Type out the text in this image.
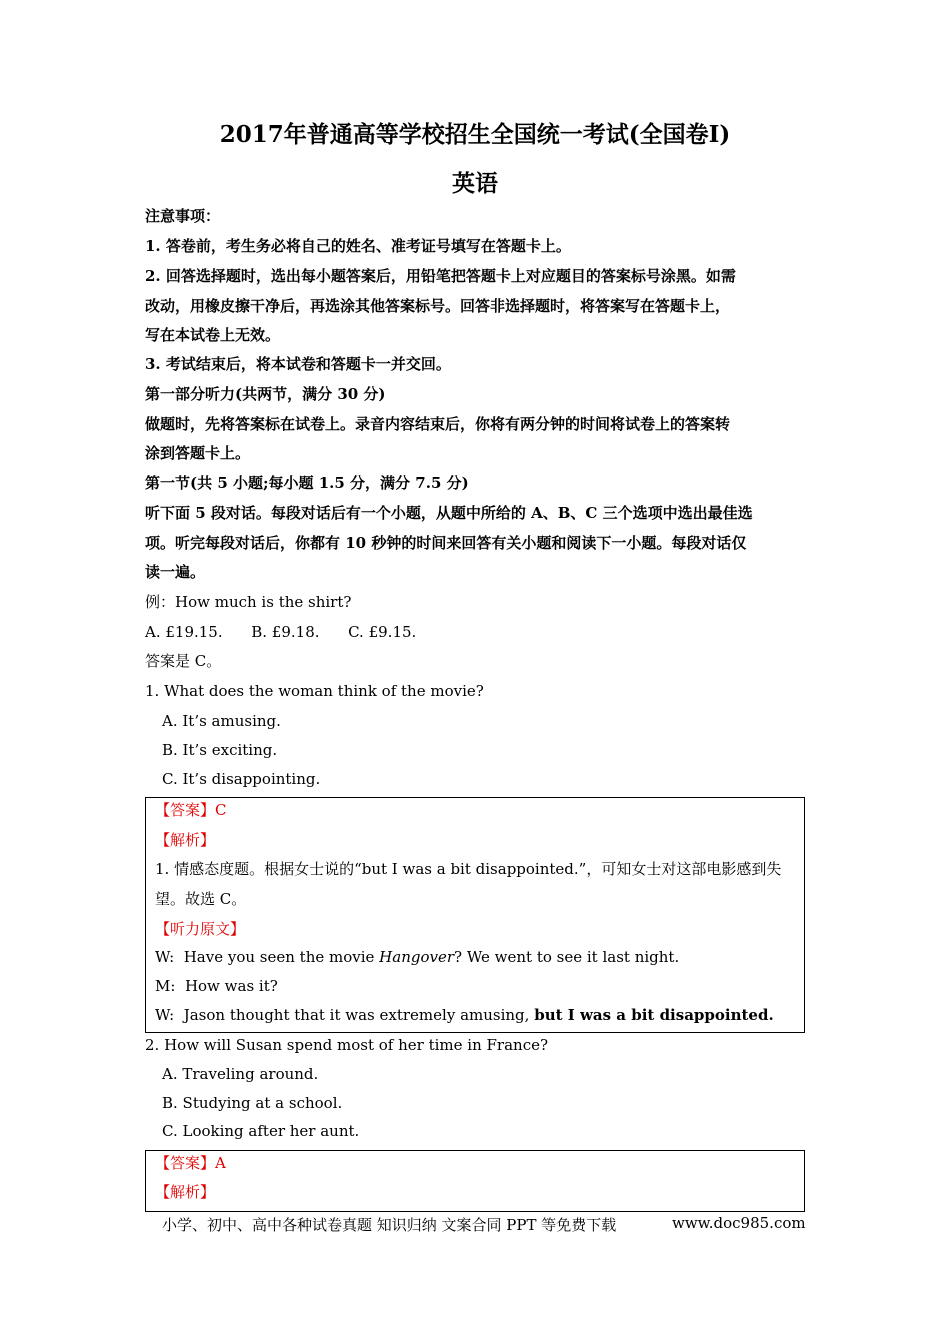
2017年普通高等学校招生全国统一考试(全国卷Ⅰ)
英语
注意事项：
1. 答卷前，考生务必将自己的姓名、准考证号填写在答题卡上。
2. 回答选择题时，选出每小题答案后，用铅笔把答题卡上对应题目的答案标号涂黑。如需
改动，用橡皮擦干净后，再选涂其他答案标号。回答非选择题时，将答案写在答题卡上，
写在本试卷上无效。
3. 考试结束后，将本试卷和答题卡一并交回。
第一部分听力(共两节，满分 30 分)
做题时，先将答案标在试卷上。录音内容结束后，你将有两分钟的时间将试卷上的答案转
涂到答题卡上。
第一节(共 5 小题;每小题 1.5 分，满分 7.5 分)
听下面 5 段对话。每段对话后有一个小题，从题中所给的 A、B、C 三个选项中选出最佳选
项。听完每段对话后，你都有 10 秒钟的时间来回答有关小题和阅读下一小题。每段对话仅
读一遍。
例：How much is the shirt?
A. £19.15.      B. £9.18.      C. £9.15.
答案是 C。
1. What does the woman think of the movie?
A. It’s amusing.
B. It’s exciting.
C. It’s disappointing.
【答案】C
【解析】
1. 情感态度题。根据女士说的“but I was a bit disappointed.”，可知女士对这部电影感到失
望。故选 C。
【听力原文】
W:  Have you seen the movie Hangover? We went to see it last night.
M:  How was it?
W:  Jason thought that it was extremely amusing, but I was a bit disappointed.
2. How will Susan spend most of her time in France?
A. Traveling around.
B. Studying at a school.
C. Looking after her aunt.
【答案】A
【解析】
小学、初中、高中各种试卷真题 知识归纳 文案合同 PPT 等免费下载	www.doc985.com
